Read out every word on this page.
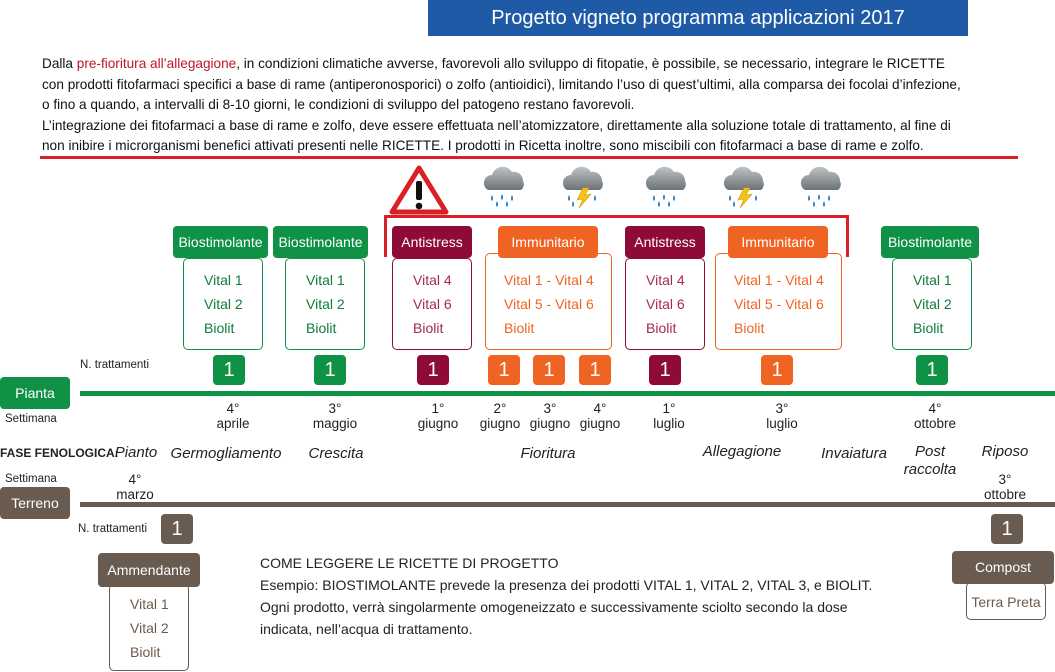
Progetto vigneto programma applicazioni 2017
Dalla pre-fioritura all’allegagione, in condizioni climatiche avverse, favorevoli allo sviluppo di fitopatie, è possibile, se necessario, integrare le RICETTE
con prodotti fitofarmaci specifici a base di rame (antiperonosporici) o zolfo (antioidici), limitando l’uso di quest’ultimi, alla comparsa dei focolai d’infezione,
o fino a quando, a intervalli di 8-10 giorni, le condizioni di sviluppo del patogeno restano favorevoli.
L’integrazione dei fitofarmaci a base di rame e zolfo, deve essere effettuata nell’atomizzatore, direttamente alla soluzione totale di trattamento, al fine di
non inibire i microrganismi benefici attivati presenti nelle RICETTE. I prodotti in Ricetta inoltre, sono miscibili con fitofarmaci a base di rame e zolfo.
Vital 1
Vital 2
Biolit
Biostimolante
Vital 1
Vital 2
Biolit
Biostimolante
Vital 4
Vital 6
Biolit
Antistress
Vital 1 - Vital 4
Vital 5 - Vital 6
Biolit
Immunitario
Vital 4
Vital 6
Biolit
Antistress
Vital 1 - Vital 4
Vital 5 - Vital 6
Biolit
Immunitario
Vital 1
Vital 2
Biolit
Biostimolante
N. trattamenti	1	1	1	1	1	1	1	1	1
Pianta
Settimana
4°
aprile
3°
maggio
1°
giugno
2°
giugno
3°
giugno
4°
giugno
1°
luglio
3°
luglio
4°
ottobre
FASE FENOLOGICA:
Pianto Germogliamento	Crescita	Fioritura	Allegagione	Invaiatura	Post
raccolta
Riposo
Settimana	4°
marzo
3°
ottobre
Terreno
N. trattamenti	1	1
Vital 1
Vital 2
Biolit
Ammendante
Terra Preta
Compost
COME LEGGERE LE RICETTE DI PROGETTO
Esempio: BIOSTIMOLANTE prevede la presenza dei prodotti VITAL 1, VITAL 2, VITAL 3, e BIOLIT.
Ogni prodotto, verrà singolarmente omogeneizzato e successivamente sciolto secondo la dose
indicata, nell’acqua di trattamento.
